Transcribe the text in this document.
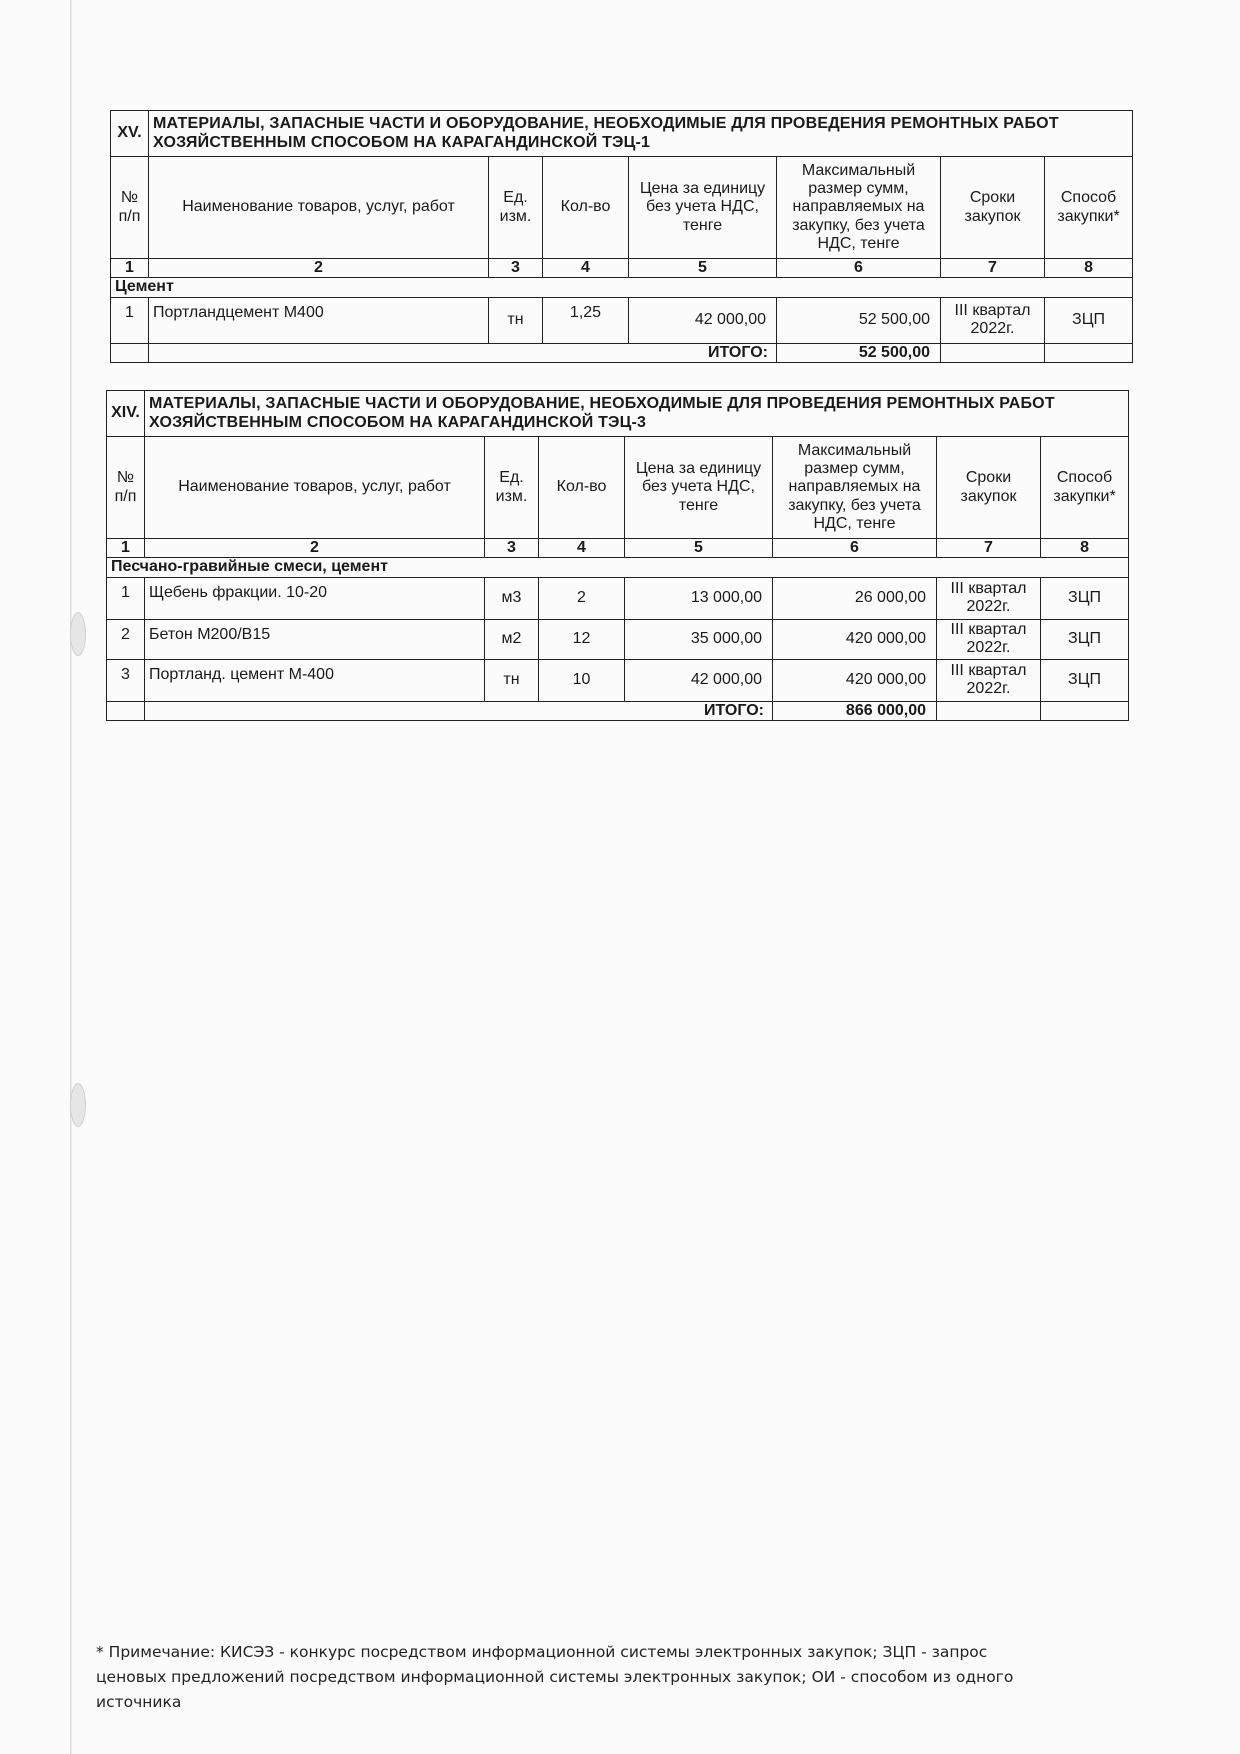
XV.	МАТЕРИАЛЫ, ЗАПАСНЫЕ ЧАСТИ И ОБОРУДОВАНИЕ, НЕОБХОДИМЫЕ ДЛЯ ПРОВЕДЕНИЯ РЕМОНТНЫХ РАБОТ ХОЗЯЙСТВЕННЫМ СПОСОБОМ НА КАРАГАНДИНСКОЙ ТЭЦ-1						
№ п/п	Наименование товаров, услуг, работ	Ед. изм.	Кол-во	Цена за единицу без учета НДС, тенге	Максимальный размер сумм, направляемых на закупку, без учета НДС, тенге	Сроки закупок	Способ закупки*
1	2	3	4	5	6	7	8
Цемент							
1	Портландцемент М400	тн	1,25	42 000,00	52 500,00	III квартал 2022г.	ЗЦП
	ИТОГО:				52 500,00		
XIV.	МАТЕРИАЛЫ, ЗАПАСНЫЕ ЧАСТИ И ОБОРУДОВАНИЕ, НЕОБХОДИМЫЕ ДЛЯ ПРОВЕДЕНИЯ РЕМОНТНЫХ РАБОТ ХОЗЯЙСТВЕННЫМ СПОСОБОМ НА КАРАГАНДИНСКОЙ ТЭЦ-3						
№ п/п	Наименование товаров, услуг, работ	Ед. изм.	Кол-во	Цена за единицу без учета НДС, тенге	Максимальный размер сумм, направляемых на закупку, без учета НДС, тенге	Сроки закупок	Способ закупки*
1	2	3	4	5	6	7	8
Песчано-гравийные смеси, цемент							
1	Щебень фракции. 10-20	м3	2	13 000,00	26 000,00	III квартал 2022г.	ЗЦП
2	Бетон М200/В15	м2	12	35 000,00	420 000,00	III квартал 2022г.	ЗЦП
3	Портланд. цемент М-400	тн	10	42 000,00	420 000,00	III квартал 2022г.	ЗЦП
	ИТОГО:				866 000,00		
* Примечание: КИСЭЗ - конкурс посредством информационной системы электронных закупок; ЗЦП - запрос ценовых предложений посредством информационной системы электронных закупок; ОИ - способом из одного источника
